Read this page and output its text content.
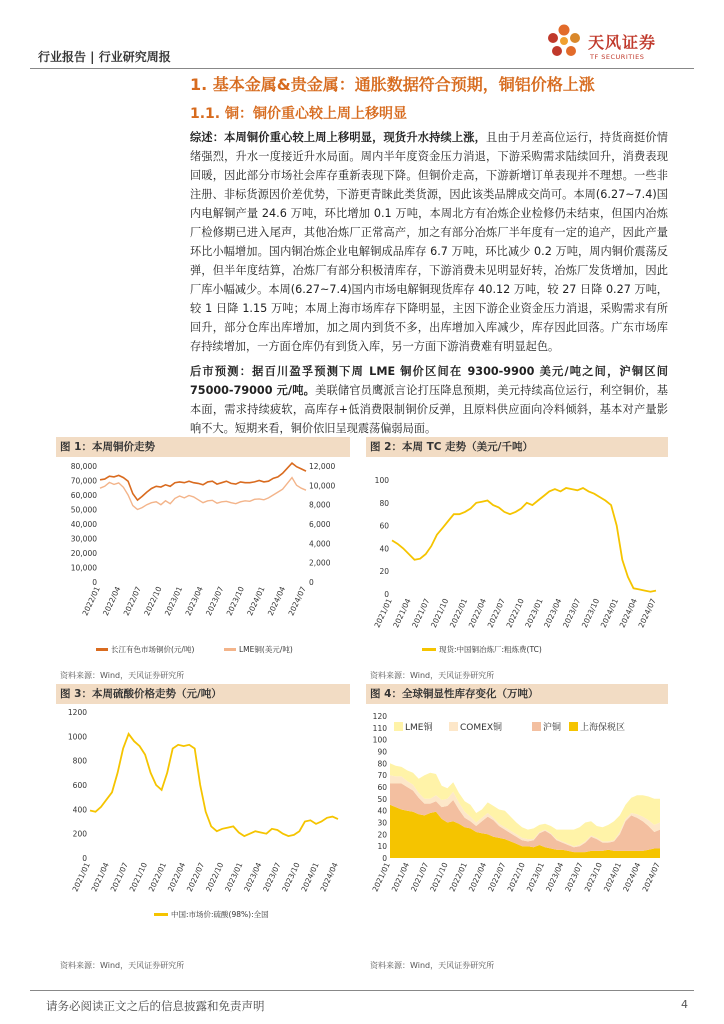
行业报告 | 行业研究周报
天风证券
TF SECURITIES
1. 基本金属&贵金属：通胀数据符合预期，铜铝价格上涨
1.1. 铜：铜价重心较上周上移明显
综述：本周铜价重心较上周上移明显，现货升水持续上涨，且由于月差高位运行，持货商挺价情绪强烈，升水一度接近升水局面。周内半年度资金压力消退，下游采购需求陆续回升，消费表现回暖，因此部分市场社会库存重新表现下降。但铜价走高，下游新增订单表现并不理想。一些非注册、非标货源因价差优势，下游更青睐此类货源，因此该类品牌成交尚可。本周(6.27~7.4)国内电解铜产量 24.6 万吨，环比增加 0.1 万吨，本周北方有冶炼企业检修仍未结束，但国内冶炼厂检修期已进入尾声，其他冶炼厂正常高产，加之有部分冶炼厂半年度有一定的追产，因此产量环比小幅增加。国内铜冶炼企业电解铜成品库存 6.7 万吨，环比减少 0.2 万吨，周内铜价震荡反弹，但半年度结算，冶炼厂有部分积极清库存，下游消费未见明显好转，冶炼厂发货增加，因此厂库小幅减少。本周(6.27~7.4)国内市场电解铜现货库存 40.12 万吨，较 27 日降 0.27 万吨，较 1 日降 1.15 万吨；本周上海市场库存下降明显，主因下游企业资金压力消退，采购需求有所回升，部分仓库出库增加，加之周内到货不多，出库增加入库减少，库存因此回落。广东市场库存持续增加，一方面仓库仍有到货入库，另一方面下游消费难有明显起色。
后市预测：据百川盈孚预测下周 LME 铜价区间在 9300-9900 美元/吨之间，沪铜区间 75000-79000 元/吨。美联储官员鹰派言论打压降息预期，美元持续高位运行，利空铜价，基本面，需求持续疲软，高库存+低消费限制铜价反弹，且原料供应面向冷料倾斜，基本对产量影响不大。短期来看，铜价依旧呈现震荡偏弱局面。
图 1：本周铜价走势
0
10,000
20,000
30,000
40,000
50,000
60,000
70,000
80,000
0
2,000
4,000
6,000
8,000
10,000
12,000
2022/01 2022/04 2022/07 2022/10 2023/01 2023/04 2023/07 2023/10 2024/01 2024/04 2024/07
长江有色市场铜价(元/吨)	LME铜(美元/吨)
资料来源：Wind，天风证券研究所
图 2：本周 TC 走势（美元/千吨）
0
20
40
60
80
100
2021/01
2021/04
2021/07
2021/10
2022/01
2022/04
2022/07
2022/10
2023/01
2023/04
2023/07
2023/10
2024/01
2024/04
2024/07
现货:中国铜冶炼厂:粗炼费(TC)
资料来源：Wind，天风证券研究所
图 3：本周硫酸价格走势（元/吨）
0
200
400
600
800
1000
1200
2021/01
2021/04
2021/07
2021/10
2022/01
2022/04
2022/07
2022/10
2023/01
2023/04
2023/07
2023/10
2024/01
2024/04
中国:市场价:硫酸(98%):全国
资料来源：Wind，天风证券研究所
图 4：全球铜显性库存变化（万吨）
0
10
20
30
40
50
60
70
80
90
100
110
120
2021/01
2021/04
2021/07
2021/10
2022/01
2022/04
2022/07
2022/10
2023/01
2023/04
2023/07
2023/10
2024/01
2024/04
2024/07
LME铜	COMEX铜	沪铜 上海保税区
资料来源：Wind，天风证券研究所
请务必阅读正文之后的信息披露和免责声明	4
